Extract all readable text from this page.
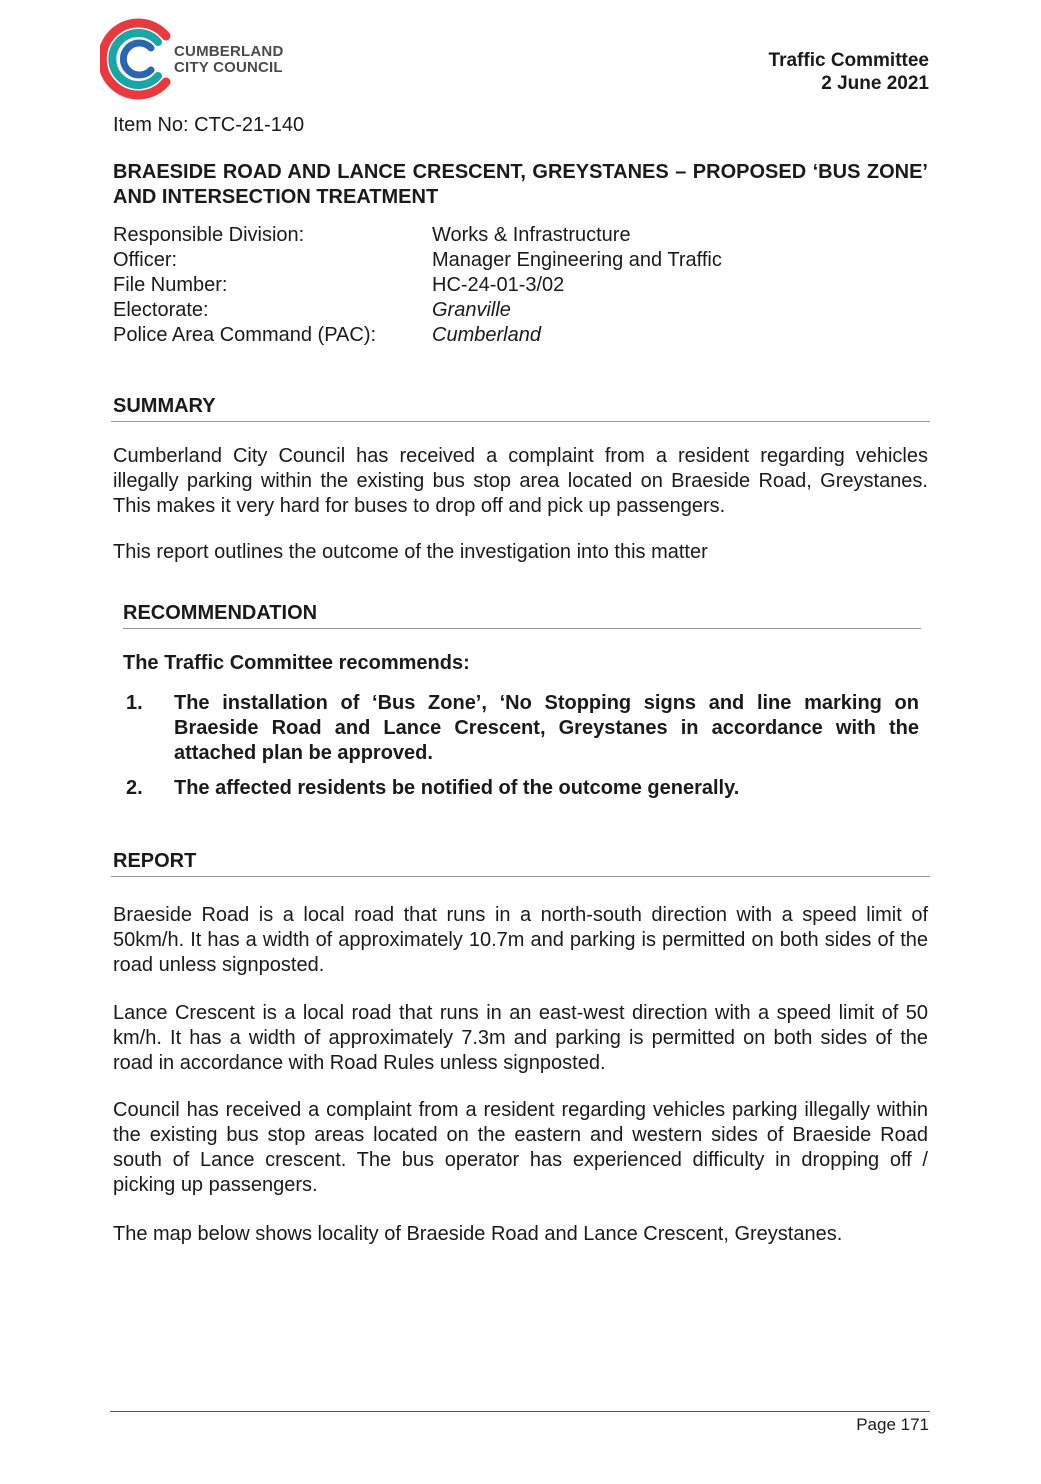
CUMBERLAND
CITY COUNCIL	Traffic Committee
2 June 2021
Item No: CTC-21-140
BRAESIDE ROAD AND LANCE CRESCENT, GREYSTANES – PROPOSED ‘BUS ZONE’ AND INTERSECTION TREATMENT
Responsible Division:	Works & Infrastructure
Officer:	Manager Engineering and Traffic
File Number:	HC-24-01-3/02
Electorate:	Granville
Police Area Command (PAC):	Cumberland
SUMMARY
Cumberland City Council has received a complaint from a resident regarding vehicles illegally parking within the existing bus stop area located on Braeside Road, Greystanes. This makes it very hard for buses to drop off and pick up passengers.
This report outlines the outcome of the investigation into this matter
RECOMMENDATION
The Traffic Committee recommends:
1.	The installation of ‘Bus Zone’, ‘No Stopping signs and line marking on Braeside Road and Lance Crescent, Greystanes in accordance with the attached plan be approved.
2.	The affected residents be notified of the outcome generally.
REPORT
Braeside Road is a local road that runs in a north-south direction with a speed limit of 50km/h. It has a width of approximately 10.7m and parking is permitted on both sides of the road unless signposted.
Lance Crescent is a local road that runs in an east-west direction with a speed limit of 50 km/h. It has a width of approximately 7.3m and parking is permitted on both sides of the road in accordance with Road Rules unless signposted.
Council has received a complaint from a resident regarding vehicles parking illegally within the existing bus stop areas located on the eastern and western sides of Braeside Road south of Lance crescent. The bus operator has experienced difficulty in dropping off / picking up passengers.
The map below shows locality of Braeside Road and Lance Crescent, Greystanes.
Page 171
